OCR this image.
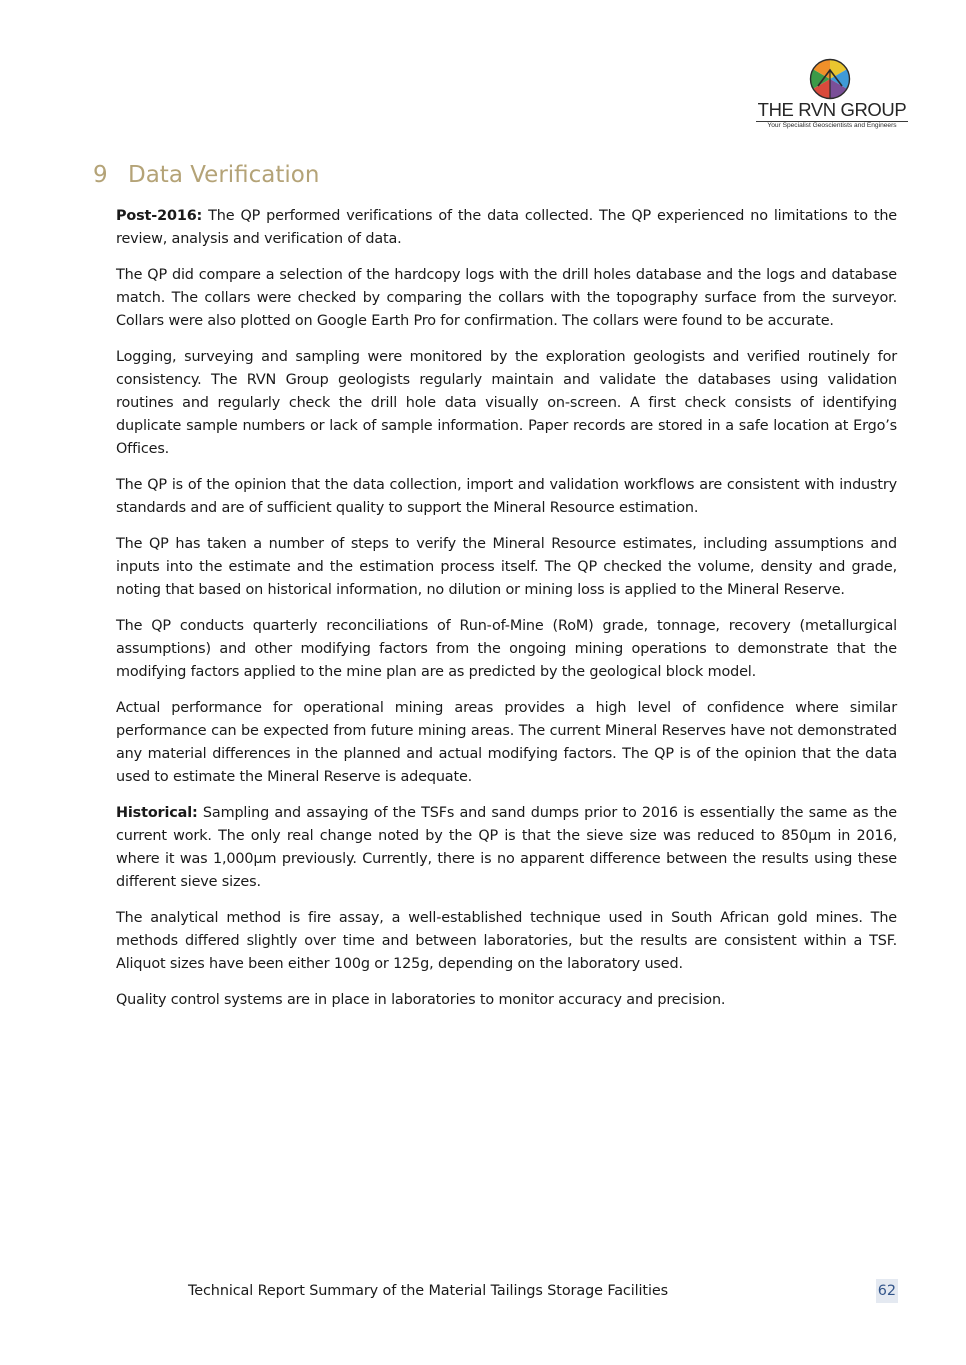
THE RVN GROUP
Your Specialist Geoscientists and Engineers
9 Data Verification

Post-2016: The QP performed verifications of the data collected. The QP experienced no limitations to the review, analysis and verification of data.

The QP did compare a selection of the hardcopy logs with the drill holes database and the logs and database match. The collars were checked by comparing the collars with the topography surface from the surveyor. Collars were also plotted on Google Earth Pro for confirmation. The collars were found to be accurate.

Logging, surveying and sampling were monitored by the exploration geologists and verified routinely for consistency. The RVN Group geologists regularly maintain and validate the databases using validation routines and regularly check the drill hole data visually on-screen. A first check consists of identifying duplicate sample numbers or lack of sample information. Paper records are stored in a safe location at Ergo’s Offices.

The QP is of the opinion that the data collection, import and validation workflows are consistent with industry standards and are of sufficient quality to support the Mineral Resource estimation.

The QP has taken a number of steps to verify the Mineral Resource estimates, including assumptions and inputs into the estimate and the estimation process itself. The QP checked the volume, density and grade, noting that based on historical information, no dilution or mining loss is applied to the Mineral Reserve.

The QP conducts quarterly reconciliations of Run-of-Mine (RoM) grade, tonnage, recovery (metallurgical assumptions) and other modifying factors from the ongoing mining operations to demonstrate that the modifying factors applied to the mine plan are as predicted by the geological block model.

Actual performance for operational mining areas provides a high level of confidence where similar performance can be expected from future mining areas. The current Mineral Reserves have not demonstrated any material differences in the planned and actual modifying factors. The QP is of the opinion that the data used to estimate the Mineral Reserve is adequate.

Historical: Sampling and assaying of the TSFs and sand dumps prior to 2016 is essentially the same as the current work. The only real change noted by the QP is that the sieve size was reduced to 850µm in 2016, where it was 1,000µm previously. Currently, there is no apparent difference between the results using these different sieve sizes.

The analytical method is fire assay, a well-established technique used in South African gold mines. The methods differed slightly over time and between laboratories, but the results are consistent within a TSF. Aliquot sizes have been either 100g or 125g, depending on the laboratory used.

Quality control systems are in place in laboratories to monitor accuracy and precision.

Technical Report Summary of the Material Tailings Storage Facilities	62
